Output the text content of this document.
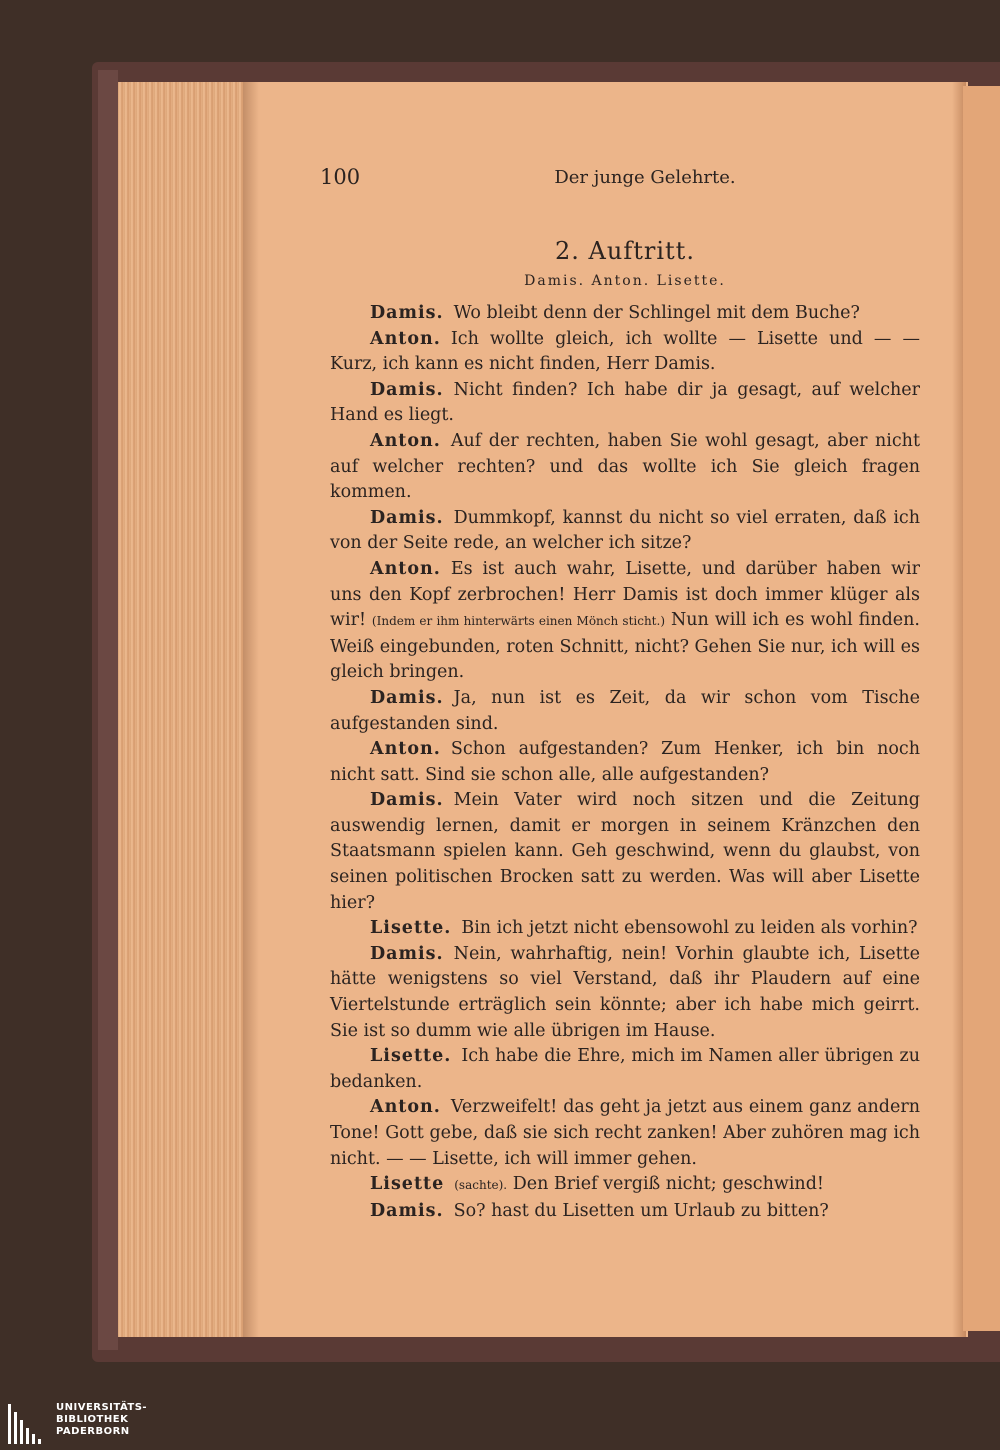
100	Der junge Gelehrte.
2. Auftritt.
Damis. Anton. Lisette.

Damis. Wo bleibt denn der Schlingel mit dem Buche?

Anton. Ich wollte gleich, ich wollte — Lisette und — — Kurz, ich kann es nicht finden, Herr Damis.

Damis. Nicht finden? Ich habe dir ja gesagt, auf welcher Hand es liegt.

Anton. Auf der rechten, haben Sie wohl gesagt, aber nicht auf welcher rechten? und das wollte ich Sie gleich fragen kommen.

Damis. Dummkopf, kannst du nicht so viel erraten, daß ich von der Seite rede, an welcher ich sitze?

Anton. Es ist auch wahr, Lisette, und darüber haben wir uns den Kopf zerbrochen! Herr Damis ist doch immer klüger als wir! (Indem er ihm hinterwärts einen Mönch sticht.) Nun will ich es wohl finden. Weiß eingebunden, roten Schnitt, nicht? Gehen Sie nur, ich will es gleich bringen.

Damis. Ja, nun ist es Zeit, da wir schon vom Tische aufgestanden sind.

Anton. Schon aufgestanden? Zum Henker, ich bin noch nicht satt. Sind sie schon alle, alle aufgestanden?

Damis. Mein Vater wird noch sitzen und die Zeitung auswendig lernen, damit er morgen in seinem Kränzchen den Staatsmann spielen kann. Geh geschwind, wenn du glaubst, von seinen politischen Brocken satt zu werden. Was will aber Lisette hier?

Lisette. Bin ich jetzt nicht ebensowohl zu leiden als vorhin?

Damis. Nein, wahrhaftig, nein! Vorhin glaubte ich, Lisette hätte wenigstens so viel Verstand, daß ihr Plaudern auf eine Viertelstunde erträglich sein könnte; aber ich habe mich geirrt. Sie ist so dumm wie alle übrigen im Hause.

Lisette. Ich habe die Ehre, mich im Namen aller übrigen zu bedanken.

Anton. Verzweifelt! das geht ja jetzt aus einem ganz andern Tone! Gott gebe, daß sie sich recht zanken! Aber zuhören mag ich nicht. — — Lisette, ich will immer gehen.

Lisette (sachte). Den Brief vergiß nicht; geschwind!

Damis. So? hast du Lisetten um Urlaub zu bitten?

UNIVERSITÄTS-
BIBLIOTHEK
PADERBORN
